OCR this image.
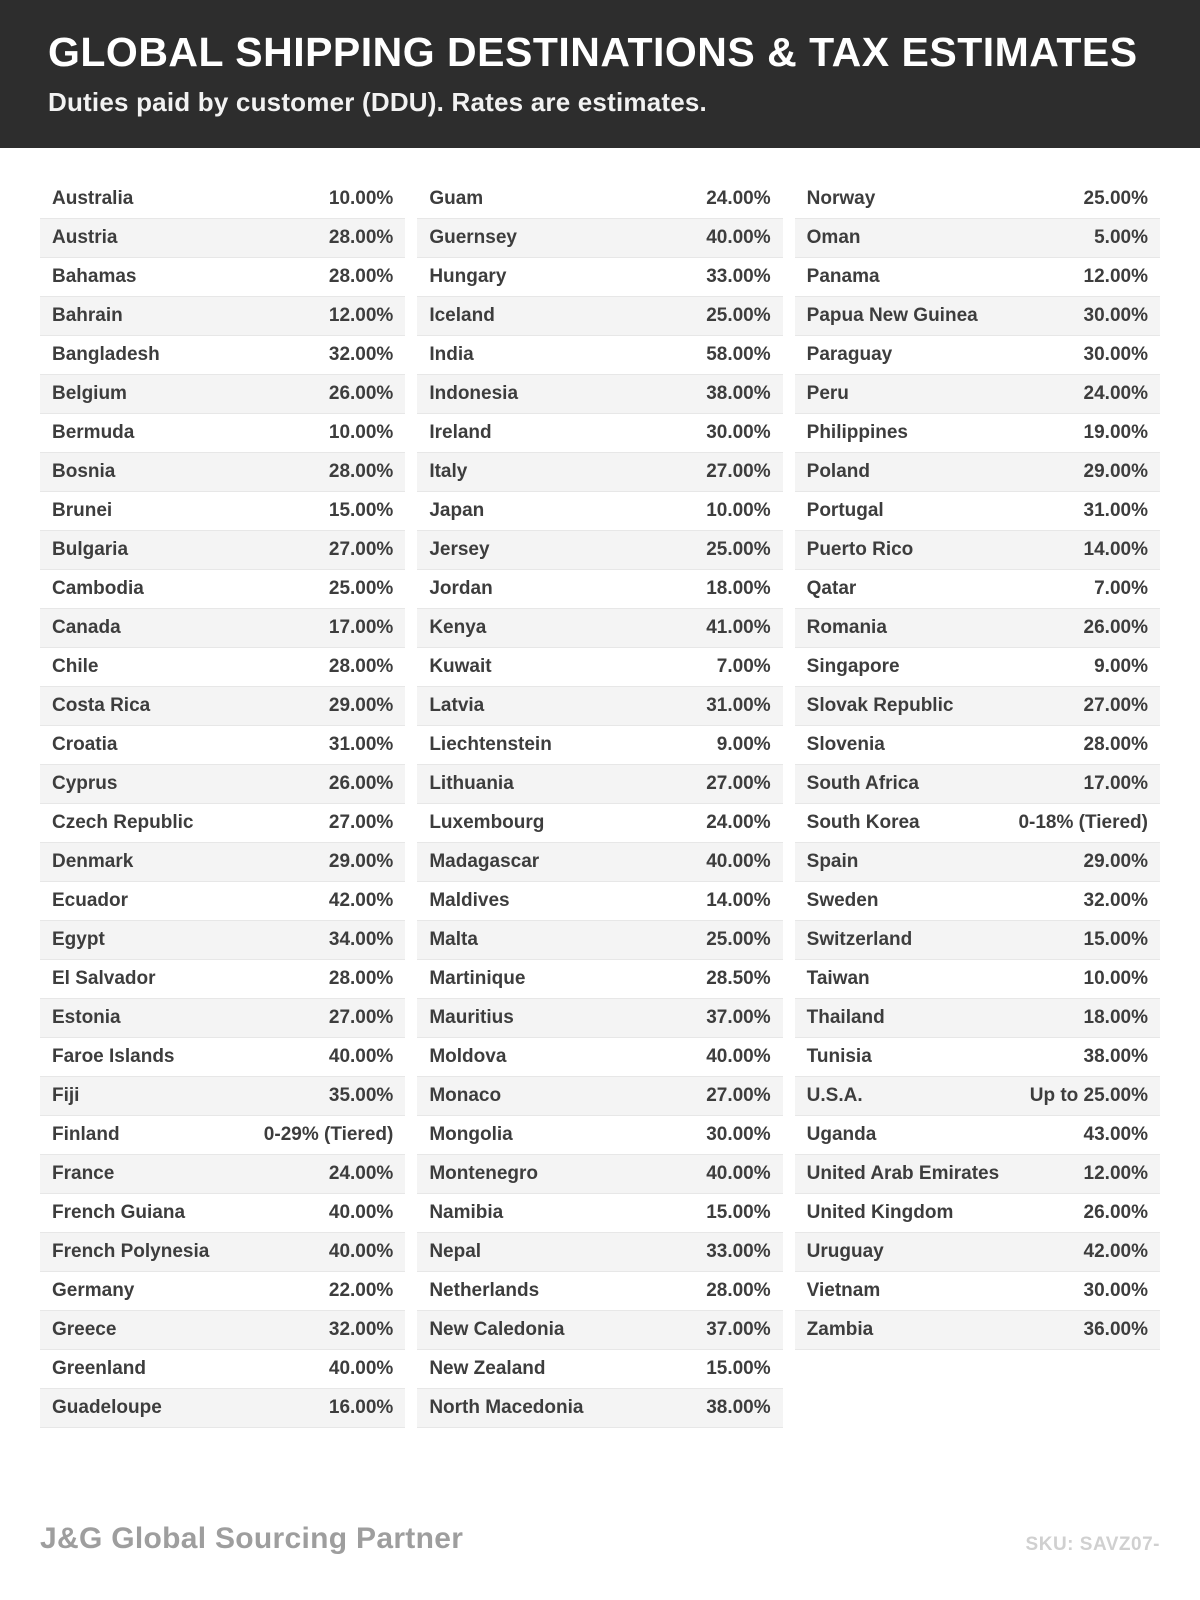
GLOBAL SHIPPING DESTINATIONS & TAX ESTIMATES
Duties paid by customer (DDU). Rates are estimates.
Australia	10.00%
Austria	28.00%
Bahamas	28.00%
Bahrain	12.00%
Bangladesh	32.00%
Belgium	26.00%
Bermuda	10.00%
Bosnia	28.00%
Brunei	15.00%
Bulgaria	27.00%
Cambodia	25.00%
Canada	17.00%
Chile	28.00%
Costa Rica	29.00%
Croatia	31.00%
Cyprus	26.00%
Czech Republic	27.00%
Denmark	29.00%
Ecuador	42.00%
Egypt	34.00%
El Salvador	28.00%
Estonia	27.00%
Faroe Islands	40.00%
Fiji	35.00%
Finland	0-29% (Tiered)
France	24.00%
French Guiana	40.00%
French Polynesia	40.00%
Germany	22.00%
Greece	32.00%
Greenland	40.00%
Guadeloupe	16.00%
Guam	24.00%
Guernsey	40.00%
Hungary	33.00%
Iceland	25.00%
India	58.00%
Indonesia	38.00%
Ireland	30.00%
Italy	27.00%
Japan	10.00%
Jersey	25.00%
Jordan	18.00%
Kenya	41.00%
Kuwait	7.00%
Latvia	31.00%
Liechtenstein	9.00%
Lithuania	27.00%
Luxembourg	24.00%
Madagascar	40.00%
Maldives	14.00%
Malta	25.00%
Martinique	28.50%
Mauritius	37.00%
Moldova	40.00%
Monaco	27.00%
Mongolia	30.00%
Montenegro	40.00%
Namibia	15.00%
Nepal	33.00%
Netherlands	28.00%
New Caledonia	37.00%
New Zealand	15.00%
North Macedonia	38.00%
Norway	25.00%
Oman	5.00%
Panama	12.00%
Papua New Guinea	30.00%
Paraguay	30.00%
Peru	24.00%
Philippines	19.00%
Poland	29.00%
Portugal	31.00%
Puerto Rico	14.00%
Qatar	7.00%
Romania	26.00%
Singapore	9.00%
Slovak Republic	27.00%
Slovenia	28.00%
South Africa	17.00%
South Korea	0-18% (Tiered)
Spain	29.00%
Sweden	32.00%
Switzerland	15.00%
Taiwan	10.00%
Thailand	18.00%
Tunisia	38.00%
U.S.A.	Up to 25.00%
Uganda	43.00%
United Arab Emirates	12.00%
United Kingdom	26.00%
Uruguay	42.00%
Vietnam	30.00%
Zambia	36.00%
J&G Global Sourcing Partner	SKU: SAVZ07-
